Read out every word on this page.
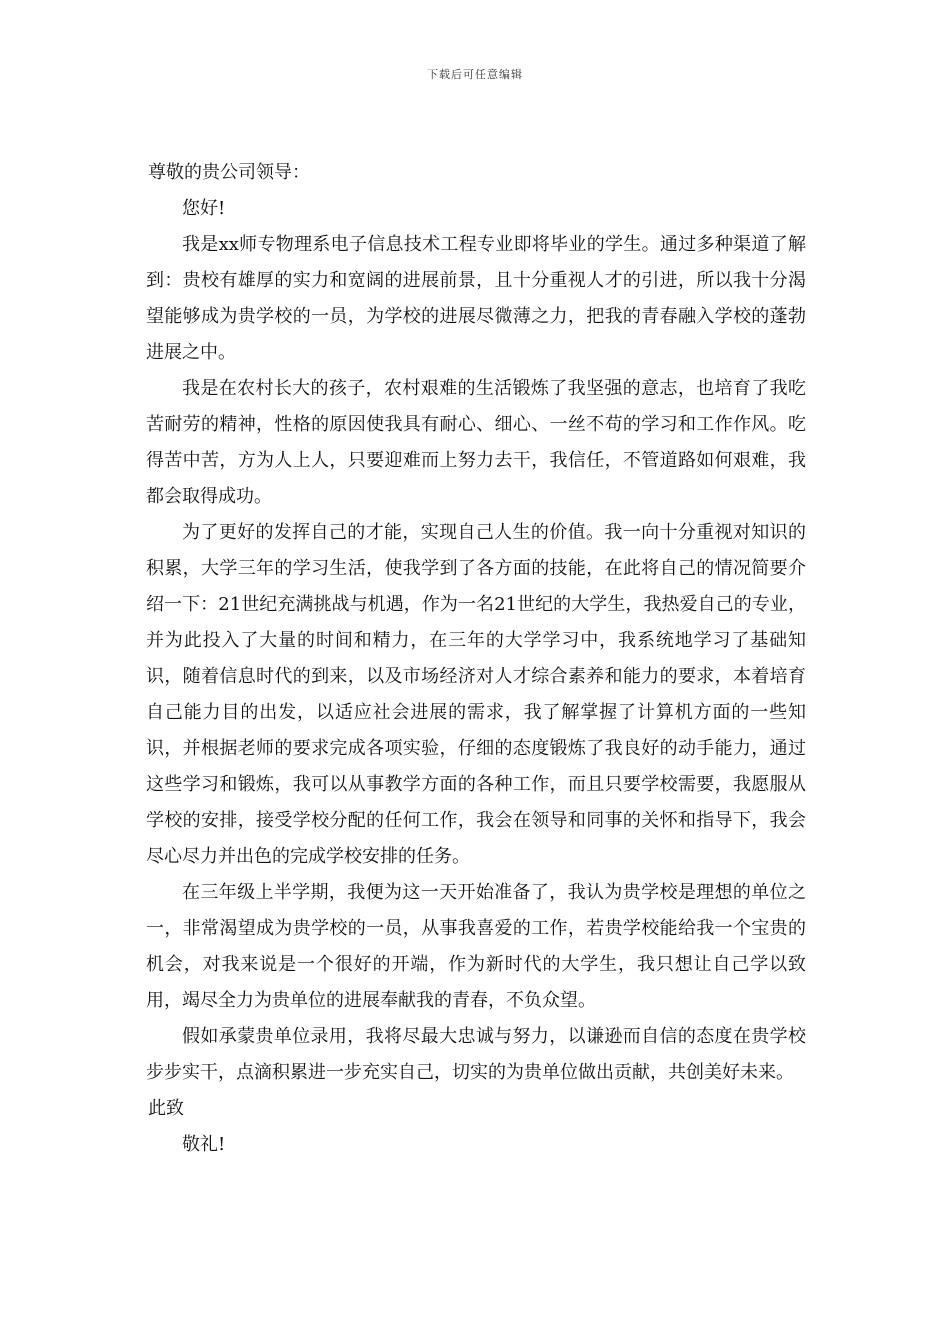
下载后可任意编辑

尊敬的贵公司领导：

您好!

我是xx师专物理系电子信息技术工程专业即将毕业的学生。通过多种渠道了解到：贵校有雄厚的实力和宽阔的进展前景，且十分重视人才的引进，所以我十分渴望能够成为贵学校的一员，为学校的进展尽微薄之力，把我的青春融入学校的蓬勃进展之中。

我是在农村长大的孩子，农村艰难的生活锻炼了我坚强的意志，也培育了我吃苦耐劳的精神，性格的原因使我具有耐心、细心、一丝不苟的学习和工作作风。吃得苦中苦，方为人上人，只要迎难而上努力去干，我信任，不管道路如何艰难，我都会取得成功。

为了更好的发挥自己的才能，实现自己人生的价值。我一向十分重视对知识的积累，大学三年的学习生活，使我学到了各方面的技能，在此将自己的情况简要介绍一下：21世纪充满挑战与机遇，作为一名21世纪的大学生，我热爱自己的专业，并为此投入了大量的时间和精力，在三年的大学学习中，我系统地学习了基础知识，随着信息时代的到来，以及市场经济对人才综合素养和能力的要求，本着培育自己能力目的出发，以适应社会进展的需求，我了解掌握了计算机方面的一些知识，并根据老师的要求完成各项实验，仔细的态度锻炼了我良好的动手能力，通过这些学习和锻炼，我可以从事教学方面的各种工作，而且只要学校需要，我愿服从学校的安排，接受学校分配的任何工作，我会在领导和同事的关怀和指导下，我会尽心尽力并出色的完成学校安排的任务。

在三年级上半学期，我便为这一天开始准备了，我认为贵学校是理想的单位之一，非常渴望成为贵学校的一员，从事我喜爱的工作，若贵学校能给我一个宝贵的机会，对我来说是一个很好的开端，作为新时代的大学生，我只想让自己学以致用，竭尽全力为贵单位的进展奉献我的青春，不负众望。

假如承蒙贵单位录用，我将尽最大忠诚与努力，以谦逊而自信的态度在贵学校步步实干，点滴积累进一步充实自己，切实的为贵单位做出贡献，共创美好未来。

此致

敬礼!
